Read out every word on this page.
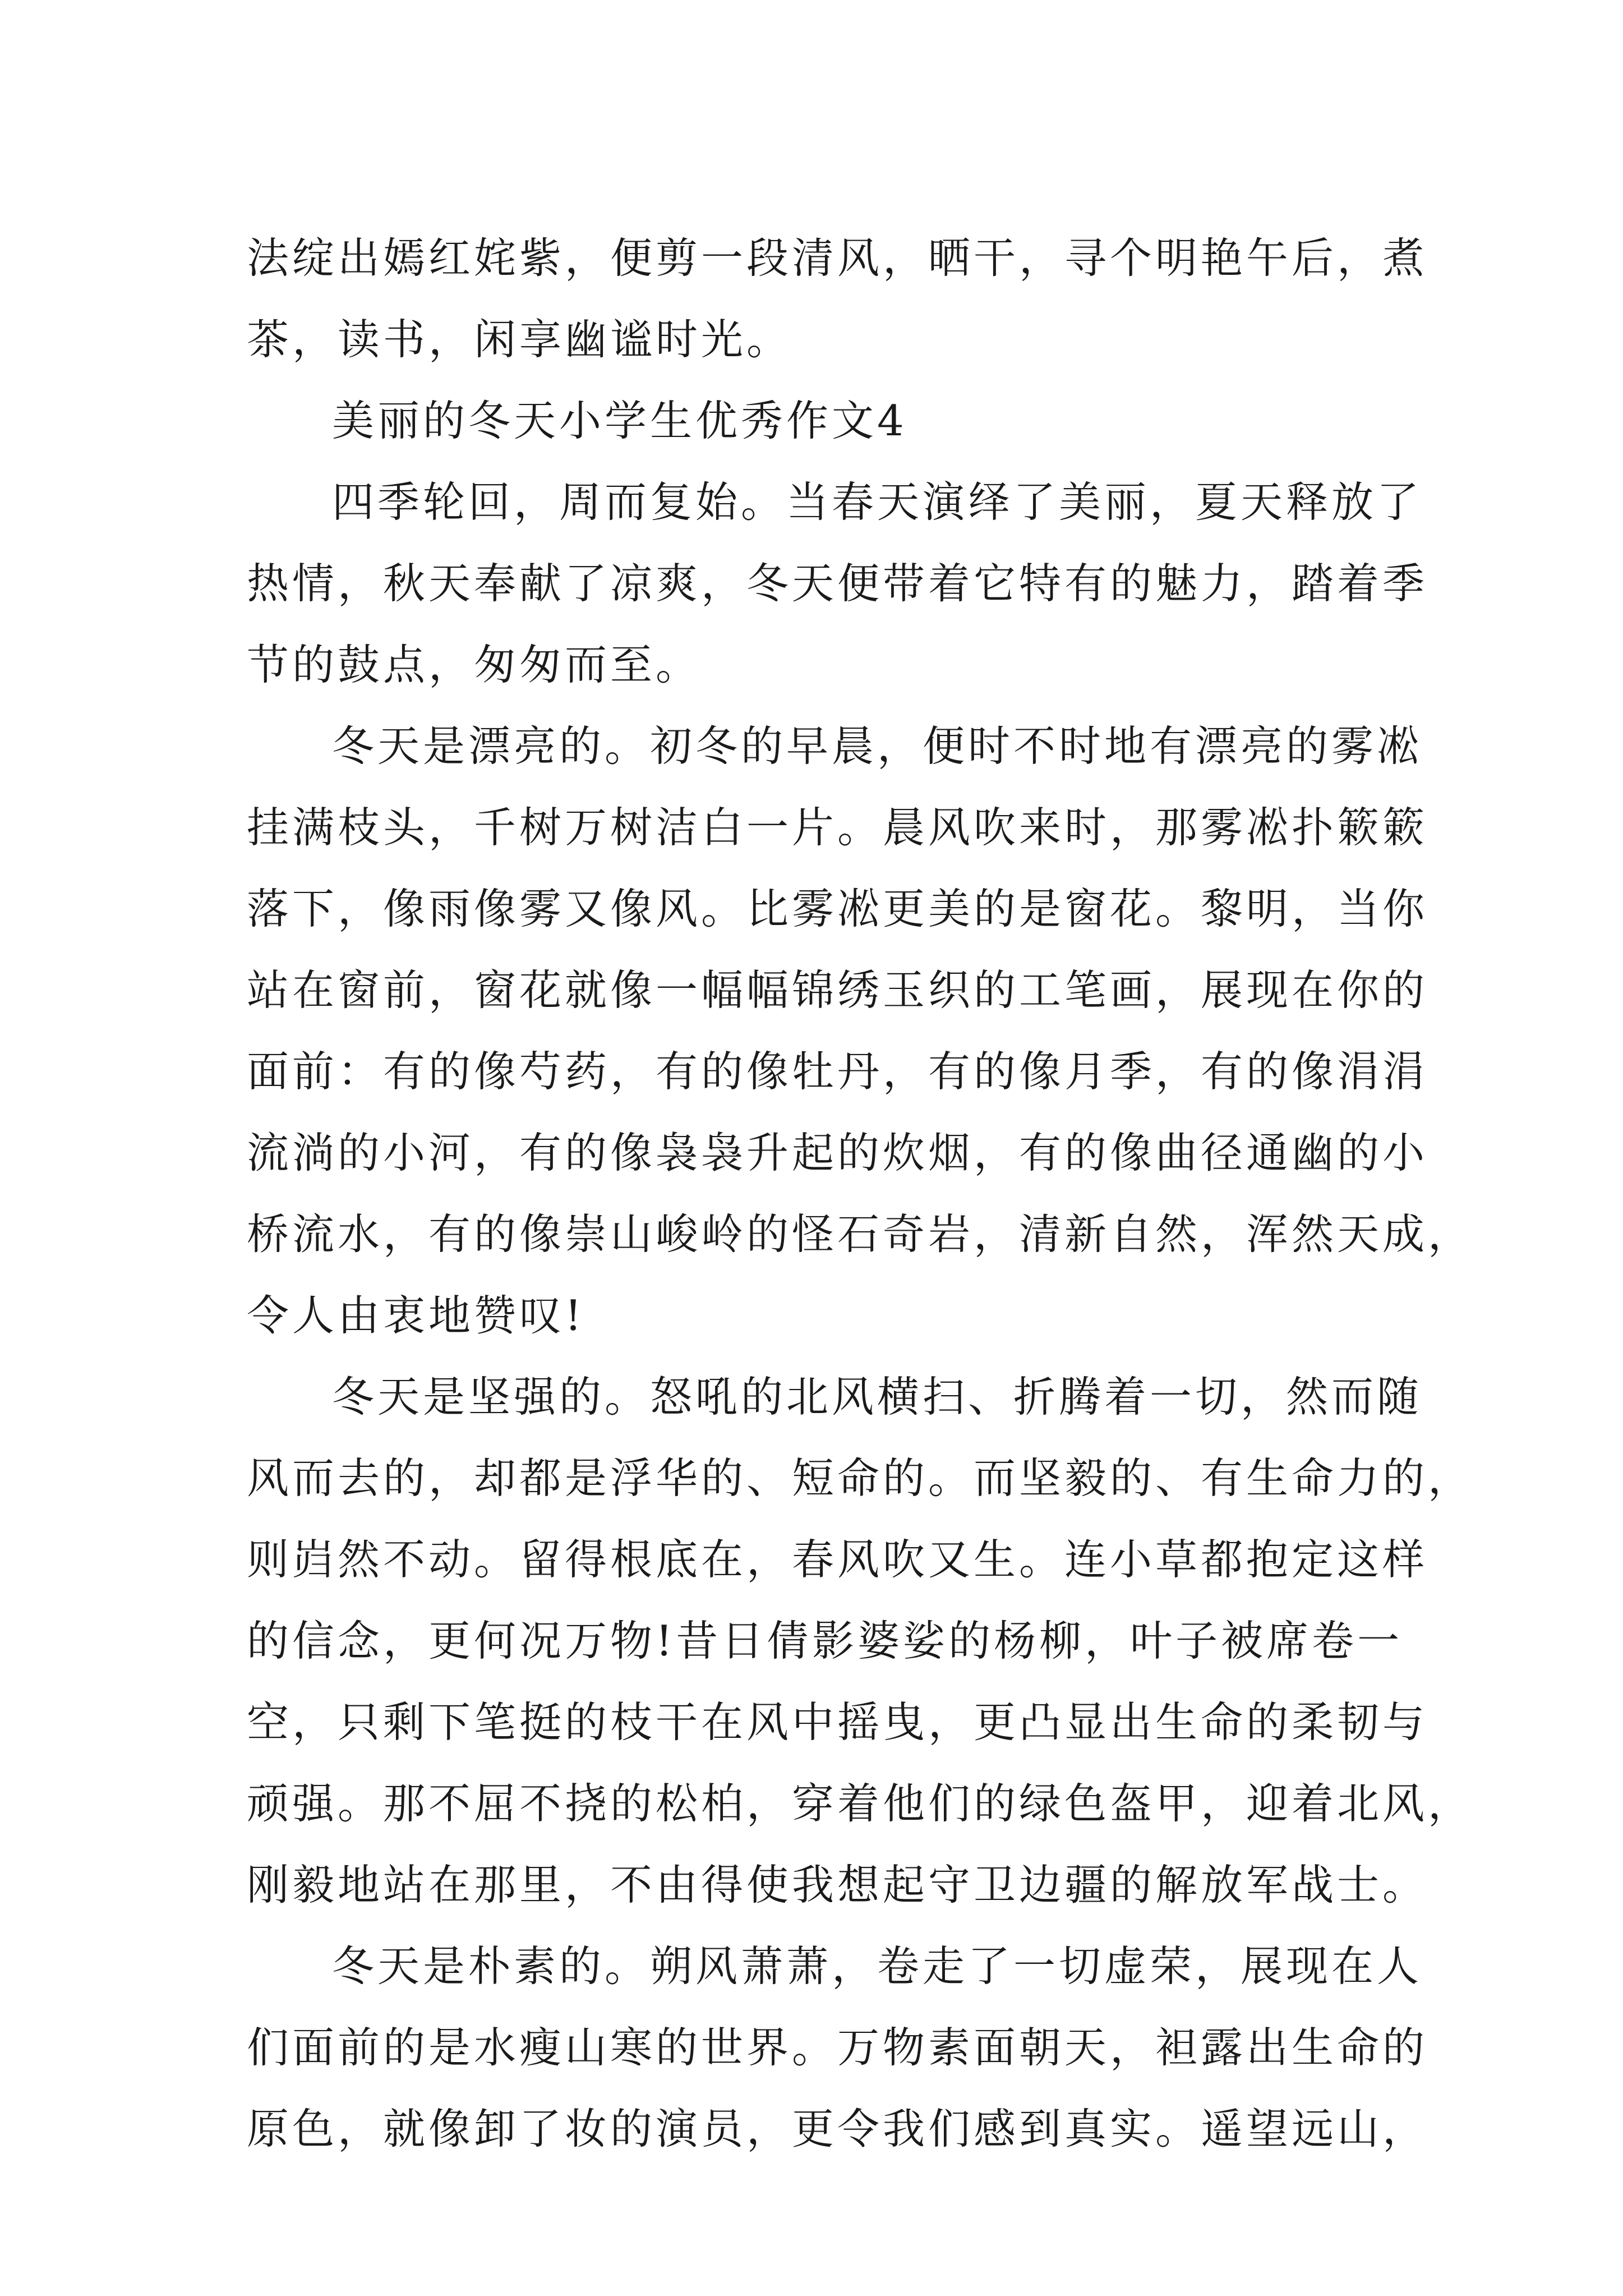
法绽出嫣红姹紫，便剪一段清风，晒干，寻个明艳午后，煮
茶，读书，闲享幽谧时光。

美丽的冬天小学生优秀作文4

四季轮回，周而复始。当春天演绎了美丽，夏天释放了
热情，秋天奉献了凉爽，冬天便带着它特有的魅力，踏着季
节的鼓点，匆匆而至。

冬天是漂亮的。初冬的早晨，便时不时地有漂亮的雾凇
挂满枝头，千树万树洁白一片。晨风吹来时，那雾凇扑簌簌
落下，像雨像雾又像风。比雾凇更美的是窗花。黎明，当你
站在窗前，窗花就像一幅幅锦绣玉织的工笔画，展现在你的
面前：有的像芍药，有的像牡丹，有的像月季，有的像涓涓
流淌的小河，有的像袅袅升起的炊烟，有的像曲径通幽的小
桥流水，有的像崇山峻岭的怪石奇岩，清新自然，浑然天成，
令人由衷地赞叹!

冬天是坚强的。怒吼的北风横扫、折腾着一切，然而随
风而去的，却都是浮华的、短命的。而坚毅的、有生命力的，
则岿然不动。留得根底在，春风吹又生。连小草都抱定这样
的信念，更何况万物!昔日倩影婆娑的杨柳，叶子被席卷一
空，只剩下笔挺的枝干在风中摇曳，更凸显出生命的柔韧与
顽强。那不屈不挠的松柏，穿着他们的绿色盔甲，迎着北风，
刚毅地站在那里，不由得使我想起守卫边疆的解放军战士。

冬天是朴素的。朔风萧萧，卷走了一切虚荣，展现在人
们面前的是水瘦山寒的世界。万物素面朝天，袒露出生命的
原色，就像卸了妆的演员，更令我们感到真实。遥望远山，
